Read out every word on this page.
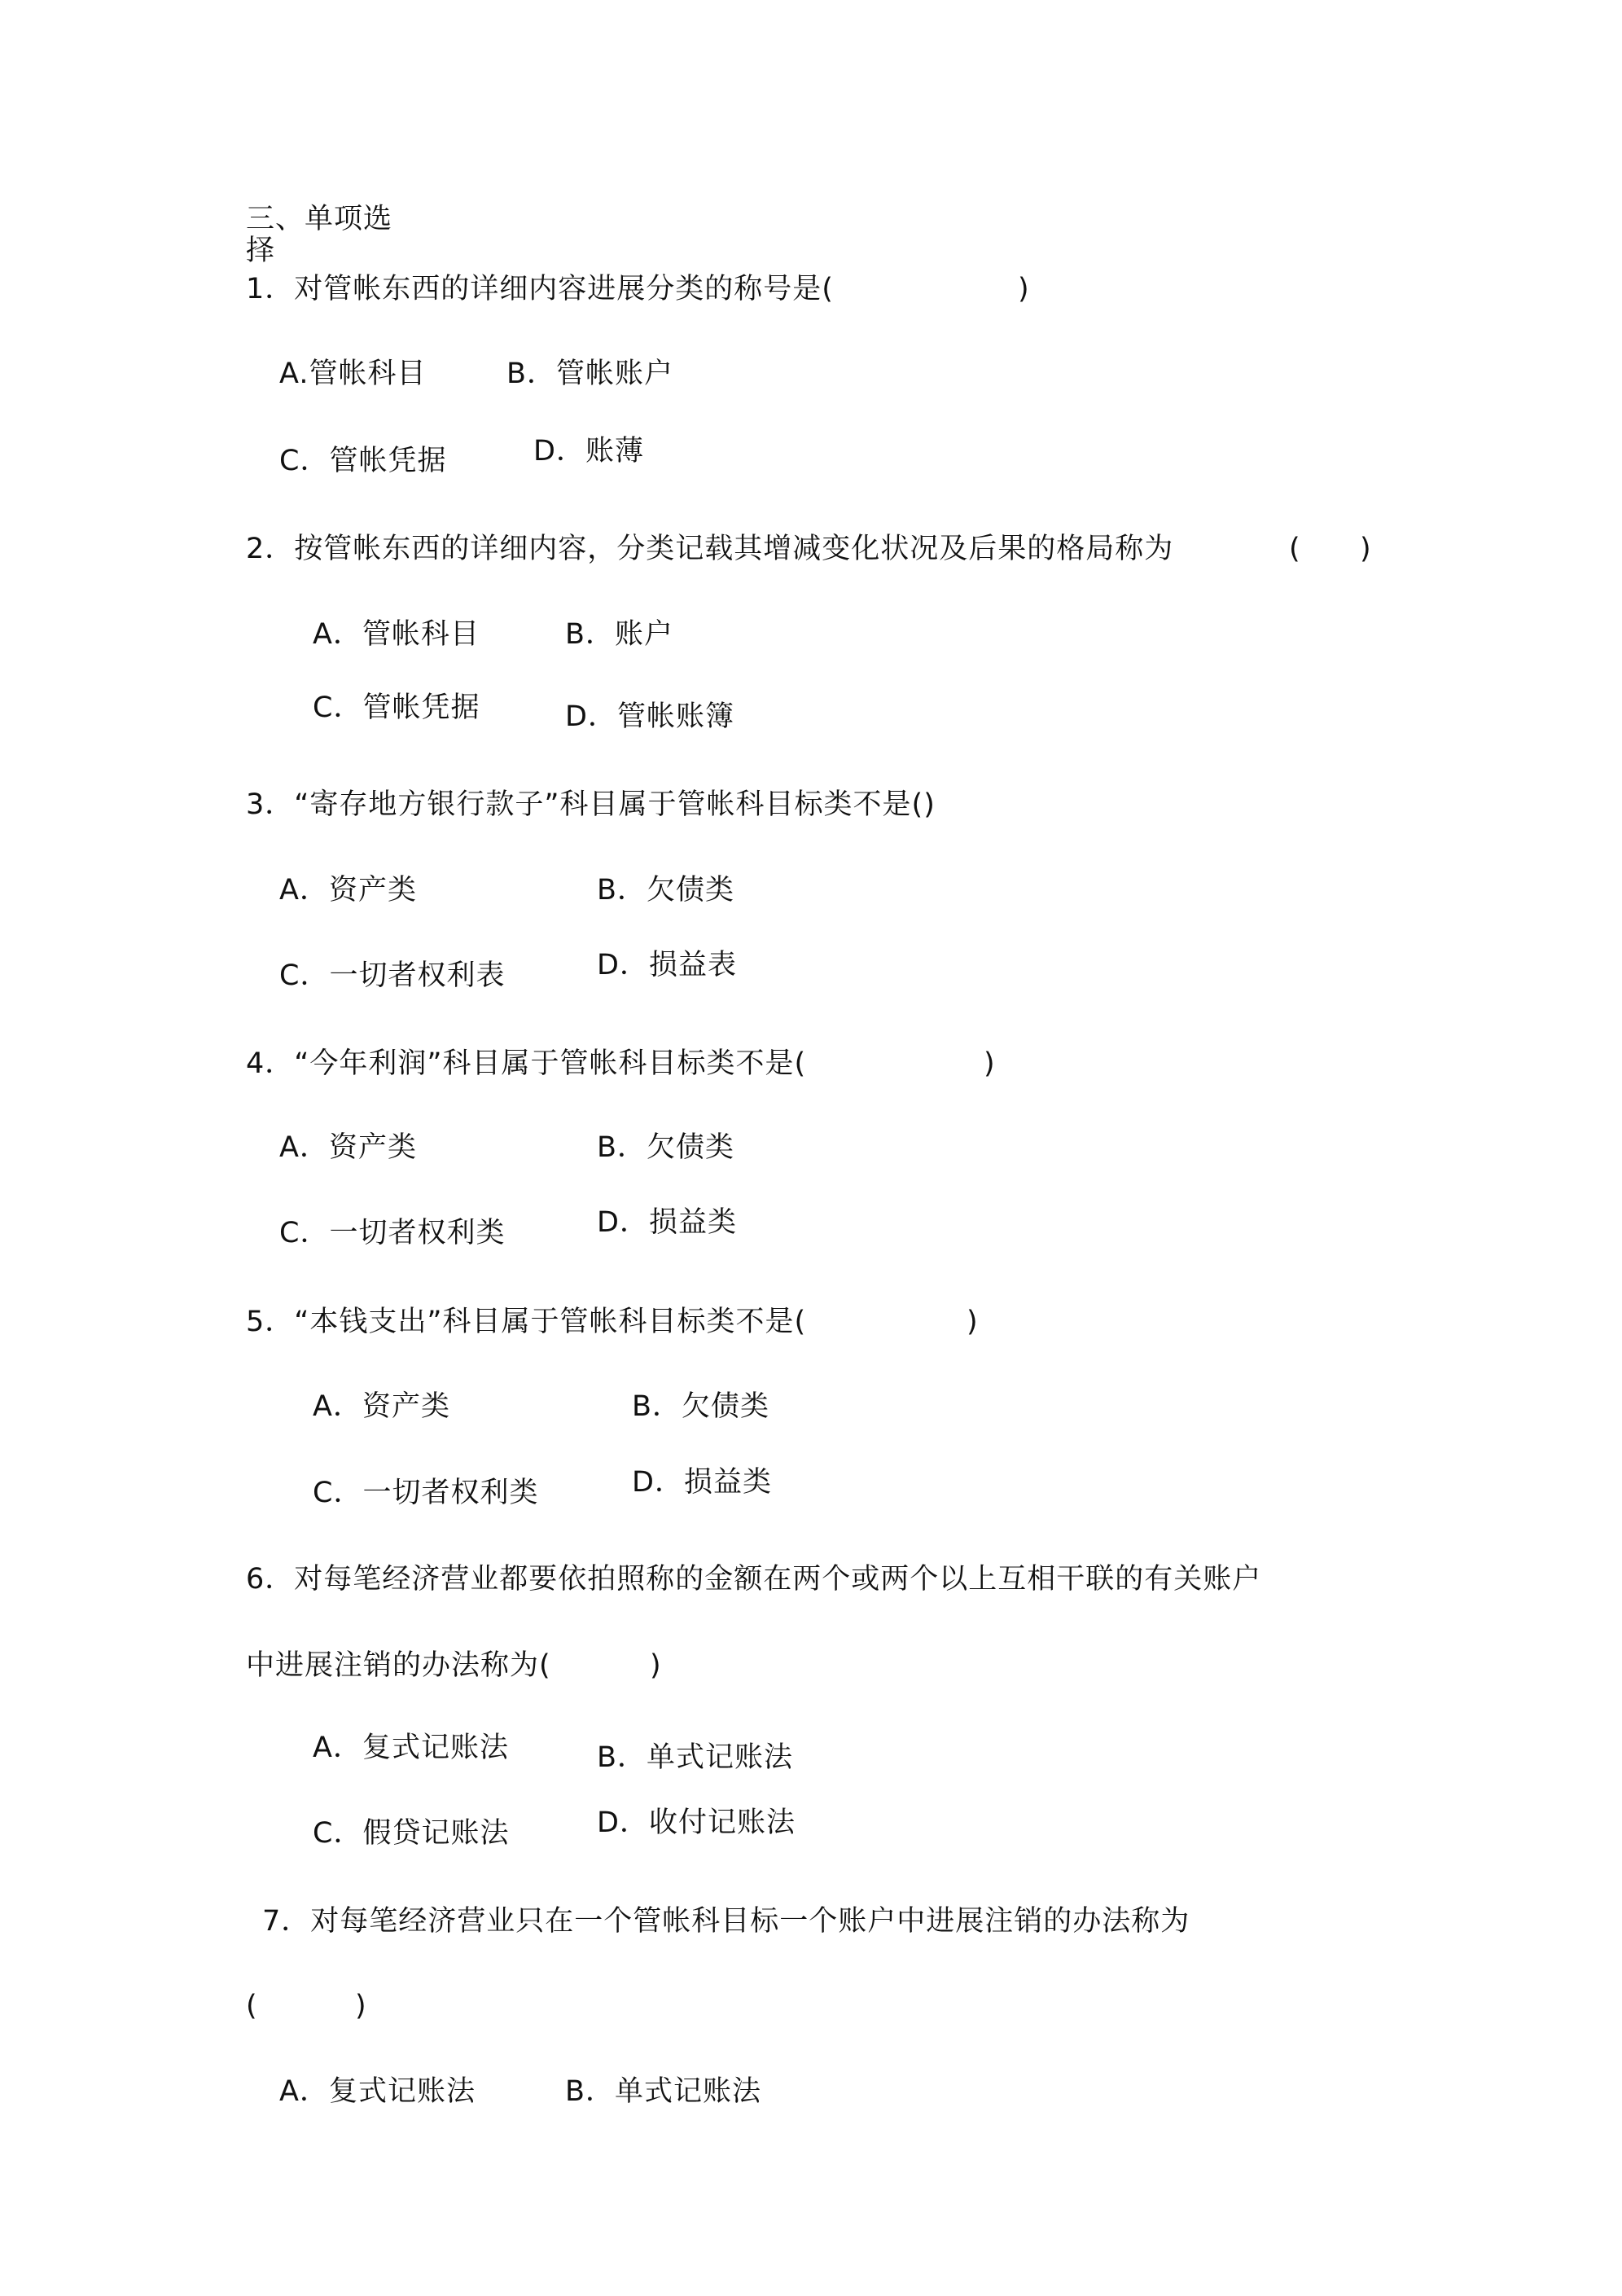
三、单项选
择
1．对管帐东西的详细内容进展分类的称号是(	)
A.管帐科目	B．管帐账户
C．管帐凭据	D．账薄
2．按管帐东西的详细内容，分类记载其增减变化状况及后果的格局称为	( )
A．管帐科目	B．账户
C．管帐凭据	D．管帐账簿
3．“寄存地方银行款子”科目属于管帐科目标类不是()
A．资产类	B．欠债类
C．一切者权利表	D．损益表
4．“今年利润”科目属于管帐科目标类不是(	)
A．资产类	B．欠债类
C．一切者权利类	D．损益类
5．“本钱支出”科目属于管帐科目标类不是(	)
A．资产类	B．欠债类
C．一切者权利类	D．损益类
6．对每笔经济营业都要依拍照称的金额在两个或两个以上互相干联的有关账户
中进展注销的办法称为(	)
A．复式记账法	B．单式记账法
C．假贷记账法	D．收付记账法
7．对每笔经济营业只在一个管帐科目标一个账户中进展注销的办法称为
(	)
A．复式记账法	B．单式记账法
